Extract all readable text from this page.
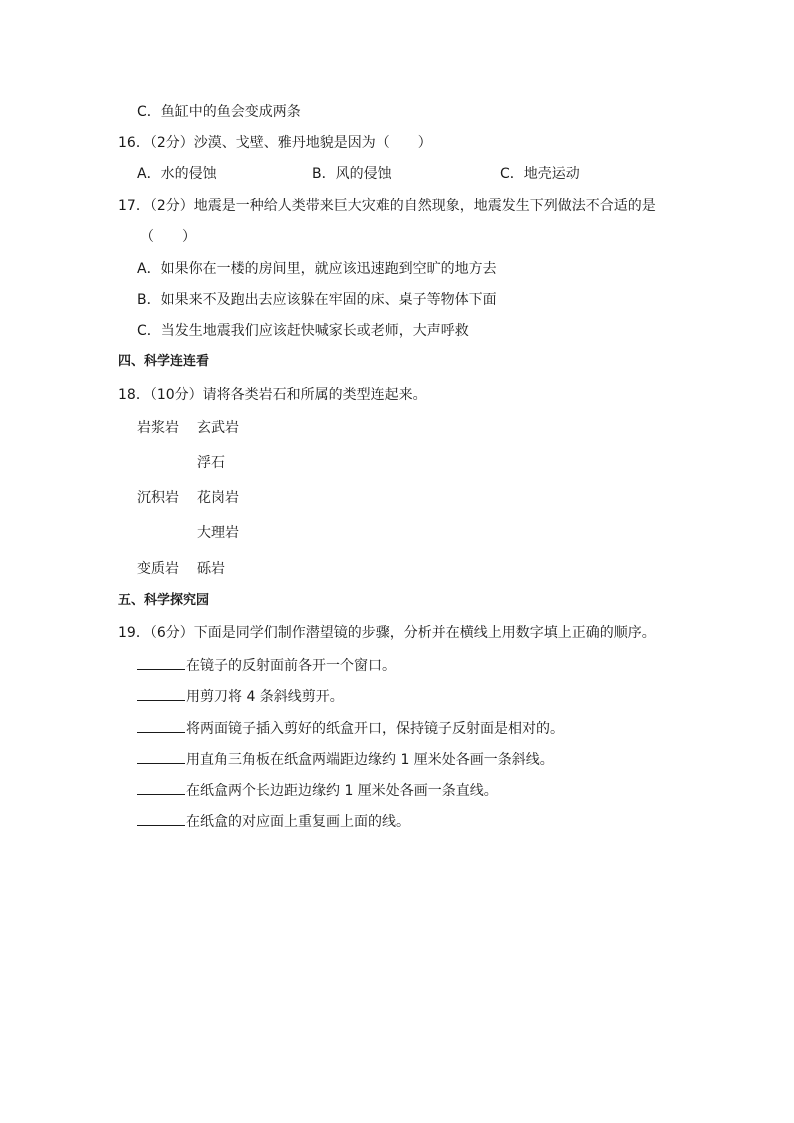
C．鱼缸中的鱼会变成两条
16．（2分）沙漠、戈壁、雅丹地貌是因为（　　）
A．水的侵蚀	B．风的侵蚀	C．地壳运动
17．（2分）地震是一种给人类带来巨大灾难的自然现象，地震发生下列做法不合适的是
（　　）
A．如果你在一楼的房间里，就应该迅速跑到空旷的地方去
B．如果来不及跑出去应该躲在牢固的床、桌子等物体下面
C．当发生地震我们应该赶快喊家长或老师，大声呼救
四、科学连连看
18．（10分）请将各类岩石和所属的类型连起来。
岩浆岩 玄武岩
浮石
沉积岩 花岗岩
大理岩
变质岩 砾岩
五、科学探究园
19．（6分）下面是同学们制作潜望镜的步骤，分析并在横线上用数字填上正确的顺序。
在镜子的反射面前各开一个窗口。
用剪刀将 4 条斜线剪开。
将两面镜子插入剪好的纸盒开口，保持镜子反射面是相对的。
用直角三角板在纸盒两端距边缘约 1 厘米处各画一条斜线。
在纸盒两个长边距边缘约 1 厘米处各画一条直线。
在纸盒的对应面上重复画上面的线。
